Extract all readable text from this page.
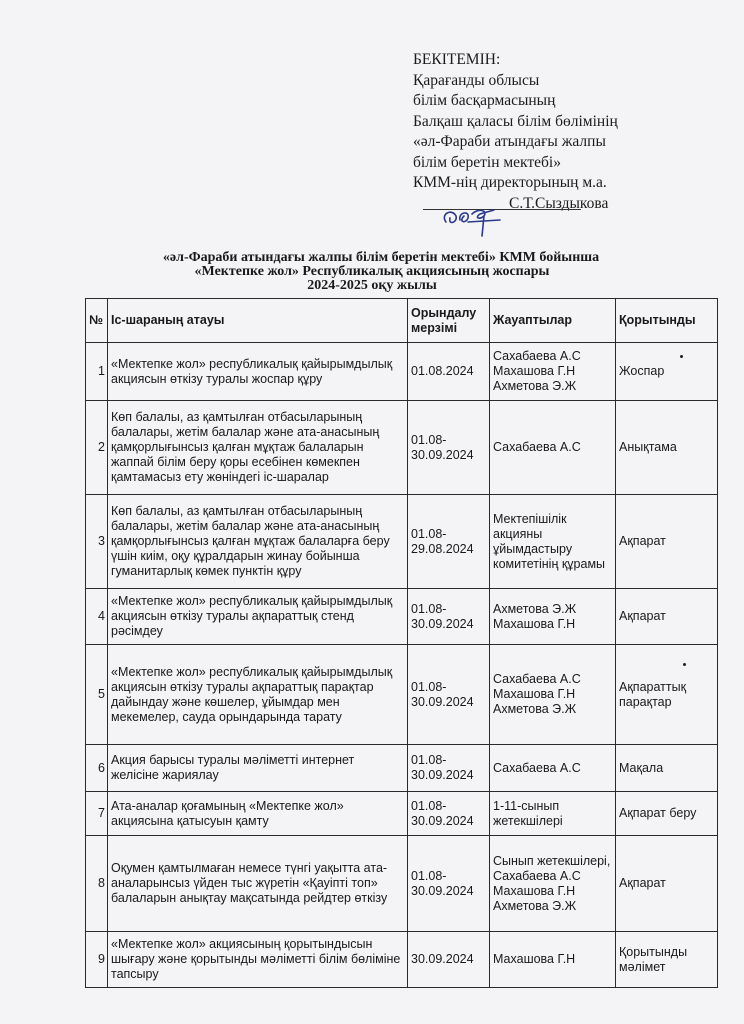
БЕКІТЕМІН:
Қарағанды облысы
білім басқармасының
Балқаш қаласы білім бөлімінің
«әл-Фараби атындағы жалпы
білім беретін мектебі»
КММ-нің директорының м.а.
С.Т.Сыздыкова
«әл-Фараби атындағы жалпы білім беретін мектебі» КММ бойынша
«Мектепке жол» Республикалық акциясының жоспары
2024-2025 оқу жылы
№	Іс-шараның атауы	Орындалу мерзімі	Жауаптылар	Қорытынды
1	«Мектепке жол» республикалық қайырымдылық акциясын өткізу туралы жоспар құру	01.08.2024	Сахабаева А.С
Махашова Г.Н
Ахметова Э.Ж	Жоспар
2	Көп балалы, аз қамтылған отбасыларының балалары, жетім балалар және ата-анасының қамқорлығынсыз қалған мұқтаж балаларын жаппай білім беру қоры есебінен көмекпен қамтамасыз ету жөніндегі іс-шаралар	01.08-
30.09.2024	Сахабаева А.С	Анықтама
3	Көп балалы, аз қамтылған отбасыларының балалары, жетім балалар және ата-анасының қамқорлығынсыз қалған мұқтаж балаларға беру үшін киім, оқу құралдарын жинау бойынша гуманитарлық көмек пунктін құру	01.08-
29.08.2024	Мектепішілік акцияны ұйымдастыру комитетінің құрамы	Ақпарат
4	«Мектепке жол» республикалық қайырымдылық акциясын өткізу туралы ақпараттық стенд рәсімдеу	01.08-
30.09.2024	Ахметова Э.Ж
Махашова Г.Н	Ақпарат
5	«Мектепке жол» республикалық қайырымдылық акциясын өткізу туралы ақпараттық парақтар дайындау және көшелер, ұйымдар мен мекемелер, сауда орындарында тарату	01.08-
30.09.2024	Сахабаева А.С
Махашова Г.Н
Ахметова Э.Ж	Ақпараттық парақтар
6	Акция барысы туралы мәліметті интернет желісіне жариялау	01.08-
30.09.2024	Сахабаева А.С	Мақала
7	Ата-аналар қоғамының «Мектепке жол» акциясына қатысуын қамту	01.08-
30.09.2024	1-11-сынып жетекшілері	Ақпарат беру
8	Оқумен қамтылмаған немесе түнгі уақытта ата-аналарынсыз үйден тыс жүретін «Қауіпті топ» балаларын анықтау мақсатында рейдтер өткізу	01.08-
30.09.2024	Сынып жетекшілері, Сахабаева А.С
Махашова Г.Н
Ахметова Э.Ж	Ақпарат
9	«Мектепке жол» акциясының қорытындысын шығару және қорытынды мәліметті білім бөліміне тапсыру	30.09.2024	Махашова Г.Н	Қорытынды мәлімет
